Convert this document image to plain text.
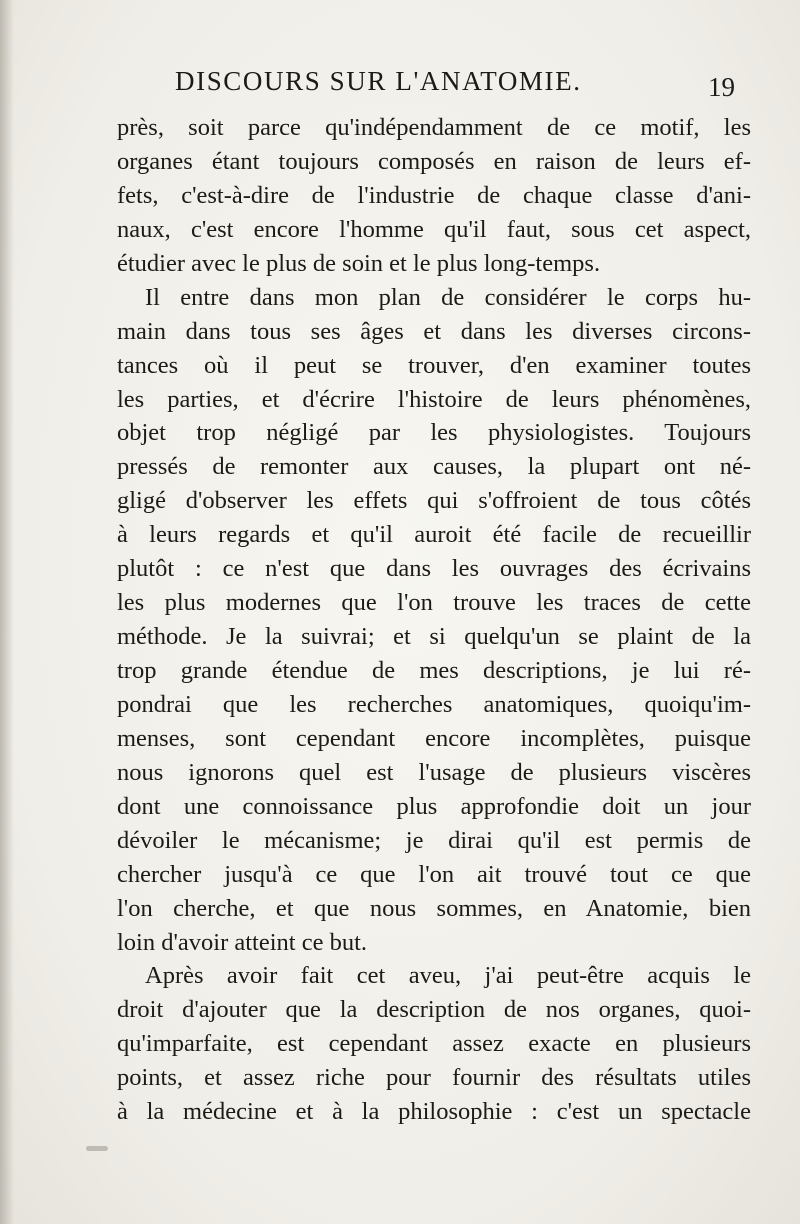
DISCOURS SUR L'ANATOMIE.	19
près, soit parce qu'indépendamment de ce motif, les
organes étant toujours composés en raison de leurs ef-
fets, c'est-à-dire de l'industrie de chaque classe d'ani-
naux, c'est encore l'homme qu'il faut, sous cet aspect,
étudier avec le plus de soin et le plus long-temps.
Il entre dans mon plan de considérer le corps hu-
main dans tous ses âges et dans les diverses circons-
tances où il peut se trouver, d'en examiner toutes
les parties, et d'écrire l'histoire de leurs phénomènes,
objet trop négligé par les physiologistes. Toujours
pressés de remonter aux causes, la plupart ont né-
gligé d'observer les effets qui s'offroient de tous côtés
à leurs regards et qu'il auroit été facile de recueillir
plutôt : ce n'est que dans les ouvrages des écrivains
les plus modernes que l'on trouve les traces de cette
méthode. Je la suivrai; et si quelqu'un se plaint de la
trop grande étendue de mes descriptions, je lui ré-
pondrai que les recherches anatomiques, quoiqu'im-
menses, sont cependant encore incomplètes, puisque
nous ignorons quel est l'usage de plusieurs viscères
dont une connoissance plus approfondie doit un jour
dévoiler le mécanisme; je dirai qu'il est permis de
chercher jusqu'à ce que l'on ait trouvé tout ce que
l'on cherche, et que nous sommes, en Anatomie, bien
loin d'avoir atteint ce but.
Après avoir fait cet aveu, j'ai peut-être acquis le
droit d'ajouter que la description de nos organes, quoi-
qu'imparfaite, est cependant assez exacte en plusieurs
points, et assez riche pour fournir des résultats utiles
à la médecine et à la philosophie : c'est un spectacle
